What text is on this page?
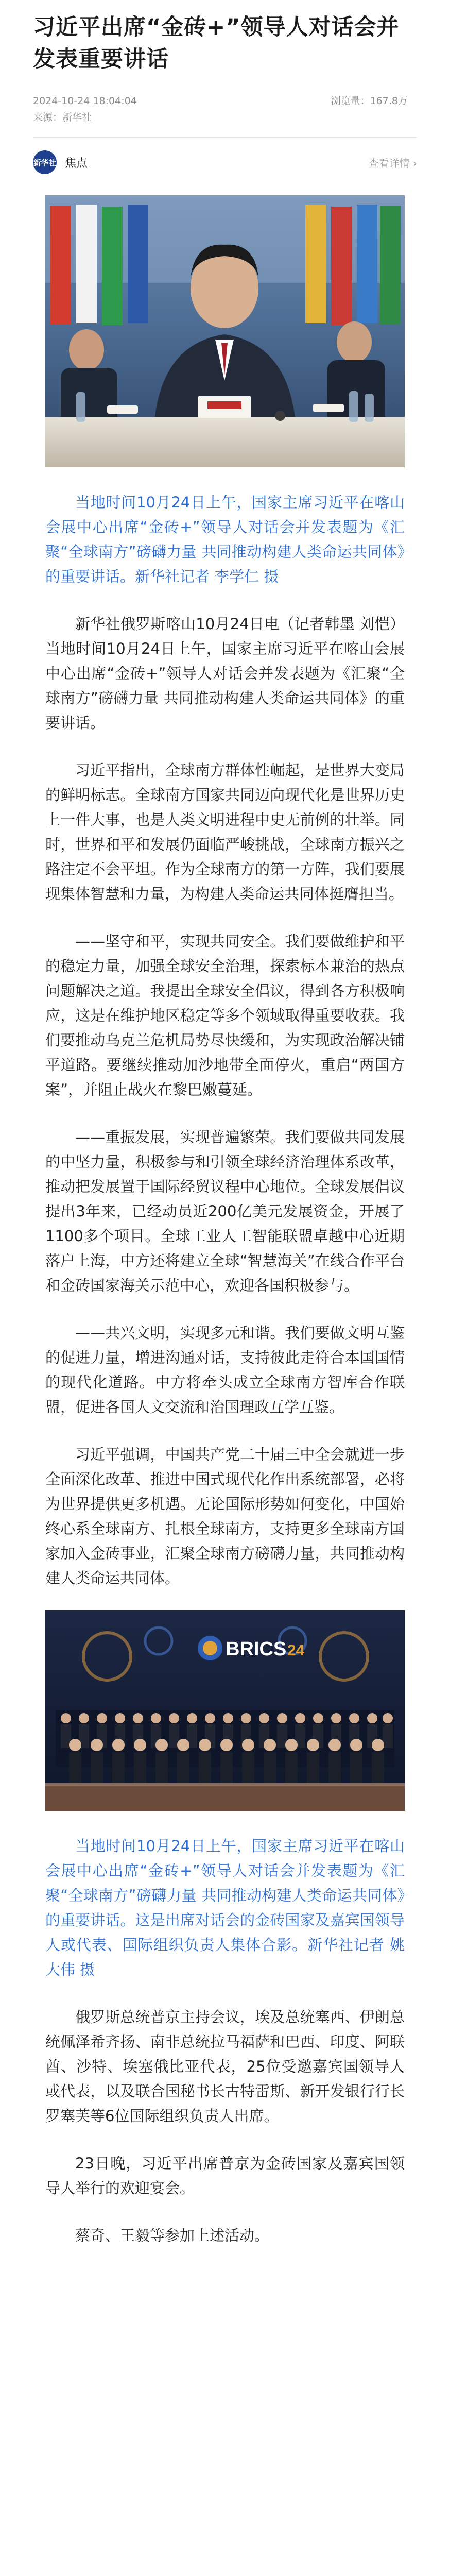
习近平出席“金砖+”领导人对话会并发表重要讲话
2024-10-24 18:04:04	浏览量：167.8万
来源：新华社
新华社 焦点	查看详情 ›

当地时间10月24日上午，国家主席习近平在喀山会展中心出席“金砖+”领导人对话会并发表题为《汇聚“全球南方”磅礴力量 共同推动构建人类命运共同体》的重要讲话。新华社记者 李学仁 摄

新华社俄罗斯喀山10月24日电（记者韩墨 刘恺）当地时间10月24日上午，国家主席习近平在喀山会展中心出席“金砖+”领导人对话会并发表题为《汇聚“全球南方”磅礴力量 共同推动构建人类命运共同体》的重要讲话。

习近平指出，全球南方群体性崛起，是世界大变局的鲜明标志。全球南方国家共同迈向现代化是世界历史上一件大事，也是人类文明进程中史无前例的壮举。同时，世界和平和发展仍面临严峻挑战，全球南方振兴之路注定不会平坦。作为全球南方的第一方阵，我们要展现集体智慧和力量，为构建人类命运共同体挺膺担当。

——坚守和平，实现共同安全。我们要做维护和平的稳定力量，加强全球安全治理，探索标本兼治的热点问题解决之道。我提出全球安全倡议，得到各方积极响应，这是在维护地区稳定等多个领域取得重要收获。我们要推动乌克兰危机局势尽快缓和，为实现政治解决铺平道路。要继续推动加沙地带全面停火，重启“两国方案”，并阻止战火在黎巴嫩蔓延。

——重振发展，实现普遍繁荣。我们要做共同发展的中坚力量，积极参与和引领全球经济治理体系改革，推动把发展置于国际经贸议程中心地位。全球发展倡议提出3年来，已经动员近200亿美元发展资金，开展了1100多个项目。全球工业人工智能联盟卓越中心近期落户上海，中方还将建立全球“智慧海关”在线合作平台和金砖国家海关示范中心，欢迎各国积极参与。

——共兴文明，实现多元和谐。我们要做文明互鉴的促进力量，增进沟通对话，支持彼此走符合本国国情的现代化道路。中方将牵头成立全球南方智库合作联盟，促进各国人文交流和治国理政互学互鉴。

习近平强调，中国共产党二十届三中全会就进一步全面深化改革、推进中国式现代化作出系统部署，必将为世界提供更多机遇。无论国际形势如何变化，中国始终心系全球南方、扎根全球南方，支持更多全球南方国家加入金砖事业，汇聚全球南方磅礴力量，共同推动构建人类命运共同体。

BRICS 24

当地时间10月24日上午，国家主席习近平在喀山会展中心出席“金砖+”领导人对话会并发表题为《汇聚“全球南方”磅礴力量 共同推动构建人类命运共同体》的重要讲话。这是出席对话会的金砖国家及嘉宾国领导人或代表、国际组织负责人集体合影。新华社记者 姚大伟 摄

俄罗斯总统普京主持会议，埃及总统塞西、伊朗总统佩泽希齐扬、南非总统拉马福萨和巴西、印度、阿联酋、沙特、埃塞俄比亚代表，25位受邀嘉宾国领导人或代表，以及联合国秘书长古特雷斯、新开发银行行长罗塞芙等6位国际组织负责人出席。

23日晚，习近平出席普京为金砖国家及嘉宾国领导人举行的欢迎宴会。

蔡奇、王毅等参加上述活动。
